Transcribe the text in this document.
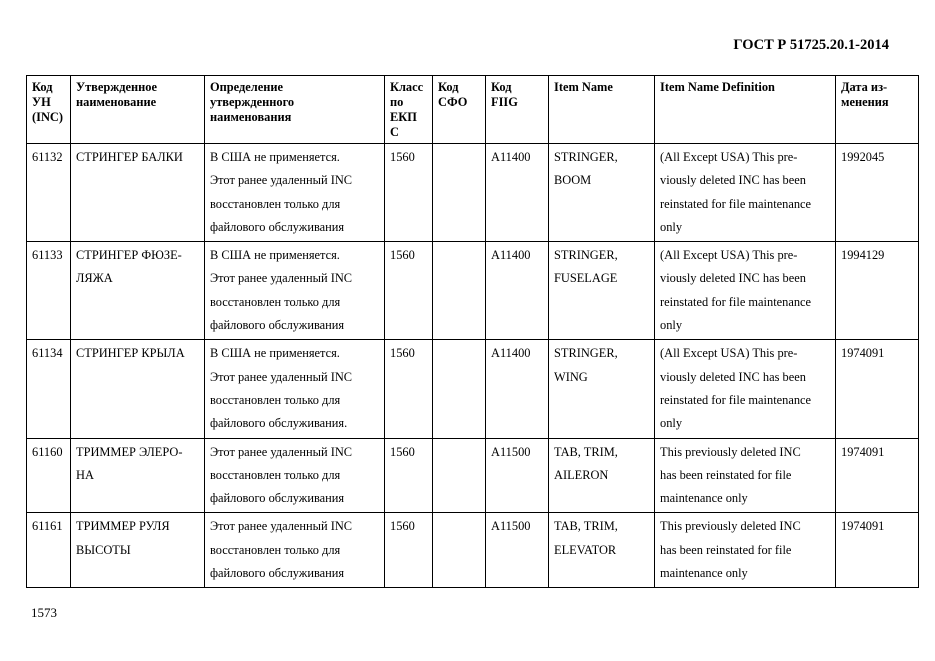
ГОСТ Р 51725.20.1-2014
Код
УН
(INC)	Утвержденное
наименование	Определение
утвержденного
наименования	Класс
по
ЕКП
С	Код
СФО	Код
FIIG	Item Name	Item Name Definition	Дата из-
менения

61132	СТРИНГЕР БАЛКИ	В США не применяется.
Этот ранее удаленный INC
восстановлен только для
файлового обслуживания	1560		A11400	STRINGER,
BOOM	(All Except USA) This pre-
viously deleted INC has been
reinstated for file maintenance
only	1992045

61133	СТРИНГЕР ФЮЗЕ-
ЛЯЖА	В США не применяется.
Этот ранее удаленный INC
восстановлен только для
файлового обслуживания	1560		A11400	STRINGER,
FUSELAGE	(All Except USA) This pre-
viously deleted INC has been
reinstated for file maintenance
only	1994129

61134	СТРИНГЕР КРЫЛА	В США не применяется.
Этот ранее удаленный INC
восстановлен только для
файлового обслуживания.	1560		A11400	STRINGER,
WING	(All Except USA) This pre-
viously deleted INC has been
reinstated for file maintenance
only	1974091

61160	ТРИММЕР ЭЛЕРО-
НА	Этот ранее удаленный INC
восстановлен только для
файлового обслуживания	1560		A11500	TAB, TRIM,
AILERON	This previously deleted INC
has been reinstated for file
maintenance only	1974091

61161	ТРИММЕР РУЛЯ
ВЫСОТЫ	Этот ранее удаленный INC
восстановлен только для
файлового обслуживания	1560		A11500	TAB, TRIM,
ELEVATOR	This previously deleted INC
has been reinstated for file
maintenance only	1974091
1573
